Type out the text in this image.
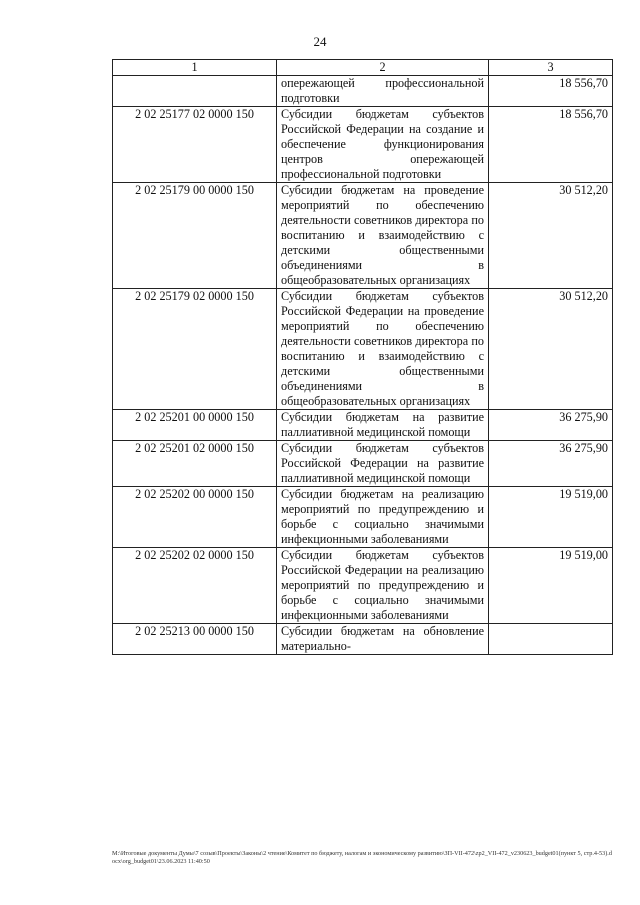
24
1	2	3
	опережающей профессиональной подготовки	18 556,70
2 02 25177 02 0000 150	Субсидии бюджетам субъектов Российской Федерации на создание и обеспечение функционирования центров опережающей профессиональной подготовки	18 556,70
2 02 25179 00 0000 150	Субсидии бюджетам на проведение мероприятий по обеспечению деятельности советников директора по воспитанию и взаимодействию с детскими общественными объединениями в общеобразовательных организациях	30 512,20
2 02 25179 02 0000 150	Субсидии бюджетам субъектов Российской Федерации на проведение мероприятий по обеспечению деятельности советников директора по воспитанию и взаимодействию с детскими общественными объединениями в общеобразовательных организациях	30 512,20
2 02 25201 00 0000 150	Субсидии бюджетам на развитие паллиативной медицинской помощи	36 275,90
2 02 25201 02 0000 150	Субсидии бюджетам субъектов Российской Федерации на развитие паллиативной медицинской помощи	36 275,90
2 02 25202 00 0000 150	Субсидии бюджетам на реализацию мероприятий по предупреждению и борьбе с социально значимыми инфекционными заболеваниями	19 519,00
2 02 25202 02 0000 150	Субсидии бюджетам субъектов Российской Федерации на реализацию мероприятий по предупреждению и борьбе с социально значимыми инфекционными заболеваниями	19 519,00
2 02 25213 00 0000 150	Субсидии бюджетам на обновление материально-	
M:\Итоговые документы Думы\7 созыв\Проекты\Законы\2 чтение\Комитет по бюджету, налогам и экономическому развитию\ЗП-VII-472\zp2_VII-472_v230623_budget01(пункт 5, стр.4-53).docx\org_budget01\23.06.2023 11:40:50
